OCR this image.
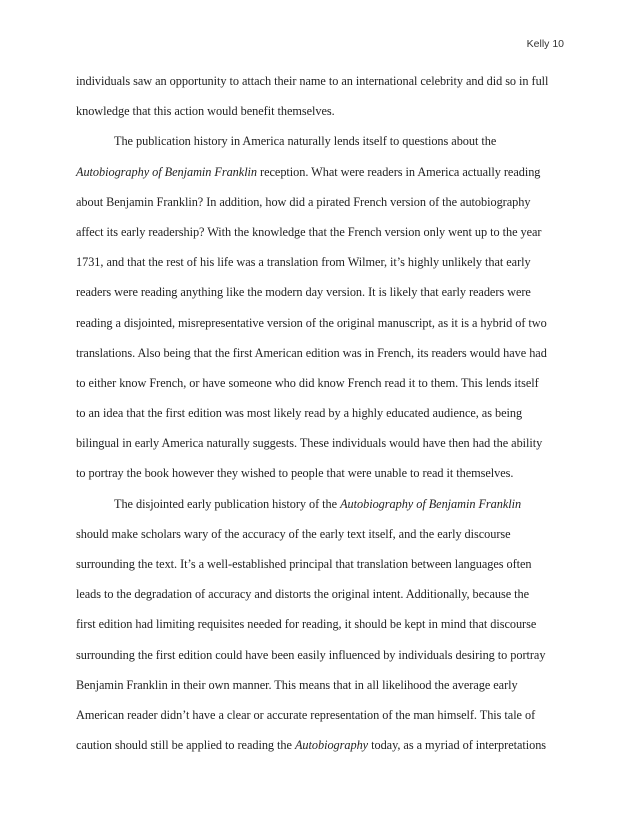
Kelly 10
individuals saw an opportunity to attach their name to an international celebrity and did so in full
knowledge that this action would benefit themselves.
The publication history in America naturally lends itself to questions about the
Autobiography of Benjamin Franklin reception. What were readers in America actually reading
about Benjamin Franklin? In addition, how did a pirated French version of the autobiography
affect its early readership? With the knowledge that the French version only went up to the year
1731, and that the rest of his life was a translation from Wilmer, it’s highly unlikely that early
readers were reading anything like the modern day version. It is likely that early readers were
reading a disjointed, misrepresentative version of the original manuscript, as it is a hybrid of two
translations. Also being that the first American edition was in French, its readers would have had
to either know French, or have someone who did know French read it to them. This lends itself
to an idea that the first edition was most likely read by a highly educated audience, as being
bilingual in early America naturally suggests. These individuals would have then had the ability
to portray the book however they wished to people that were unable to read it themselves.
The disjointed early publication history of the Autobiography of Benjamin Franklin
should make scholars wary of the accuracy of the early text itself, and the early discourse
surrounding the text. It’s a well-established principal that translation between languages often
leads to the degradation of accuracy and distorts the original intent. Additionally, because the
first edition had limiting requisites needed for reading, it should be kept in mind that discourse
surrounding the first edition could have been easily influenced by individuals desiring to portray
Benjamin Franklin in their own manner. This means that in all likelihood the average early
American reader didn’t have a clear or accurate representation of the man himself. This tale of
caution should still be applied to reading the Autobiography today, as a myriad of interpretations
